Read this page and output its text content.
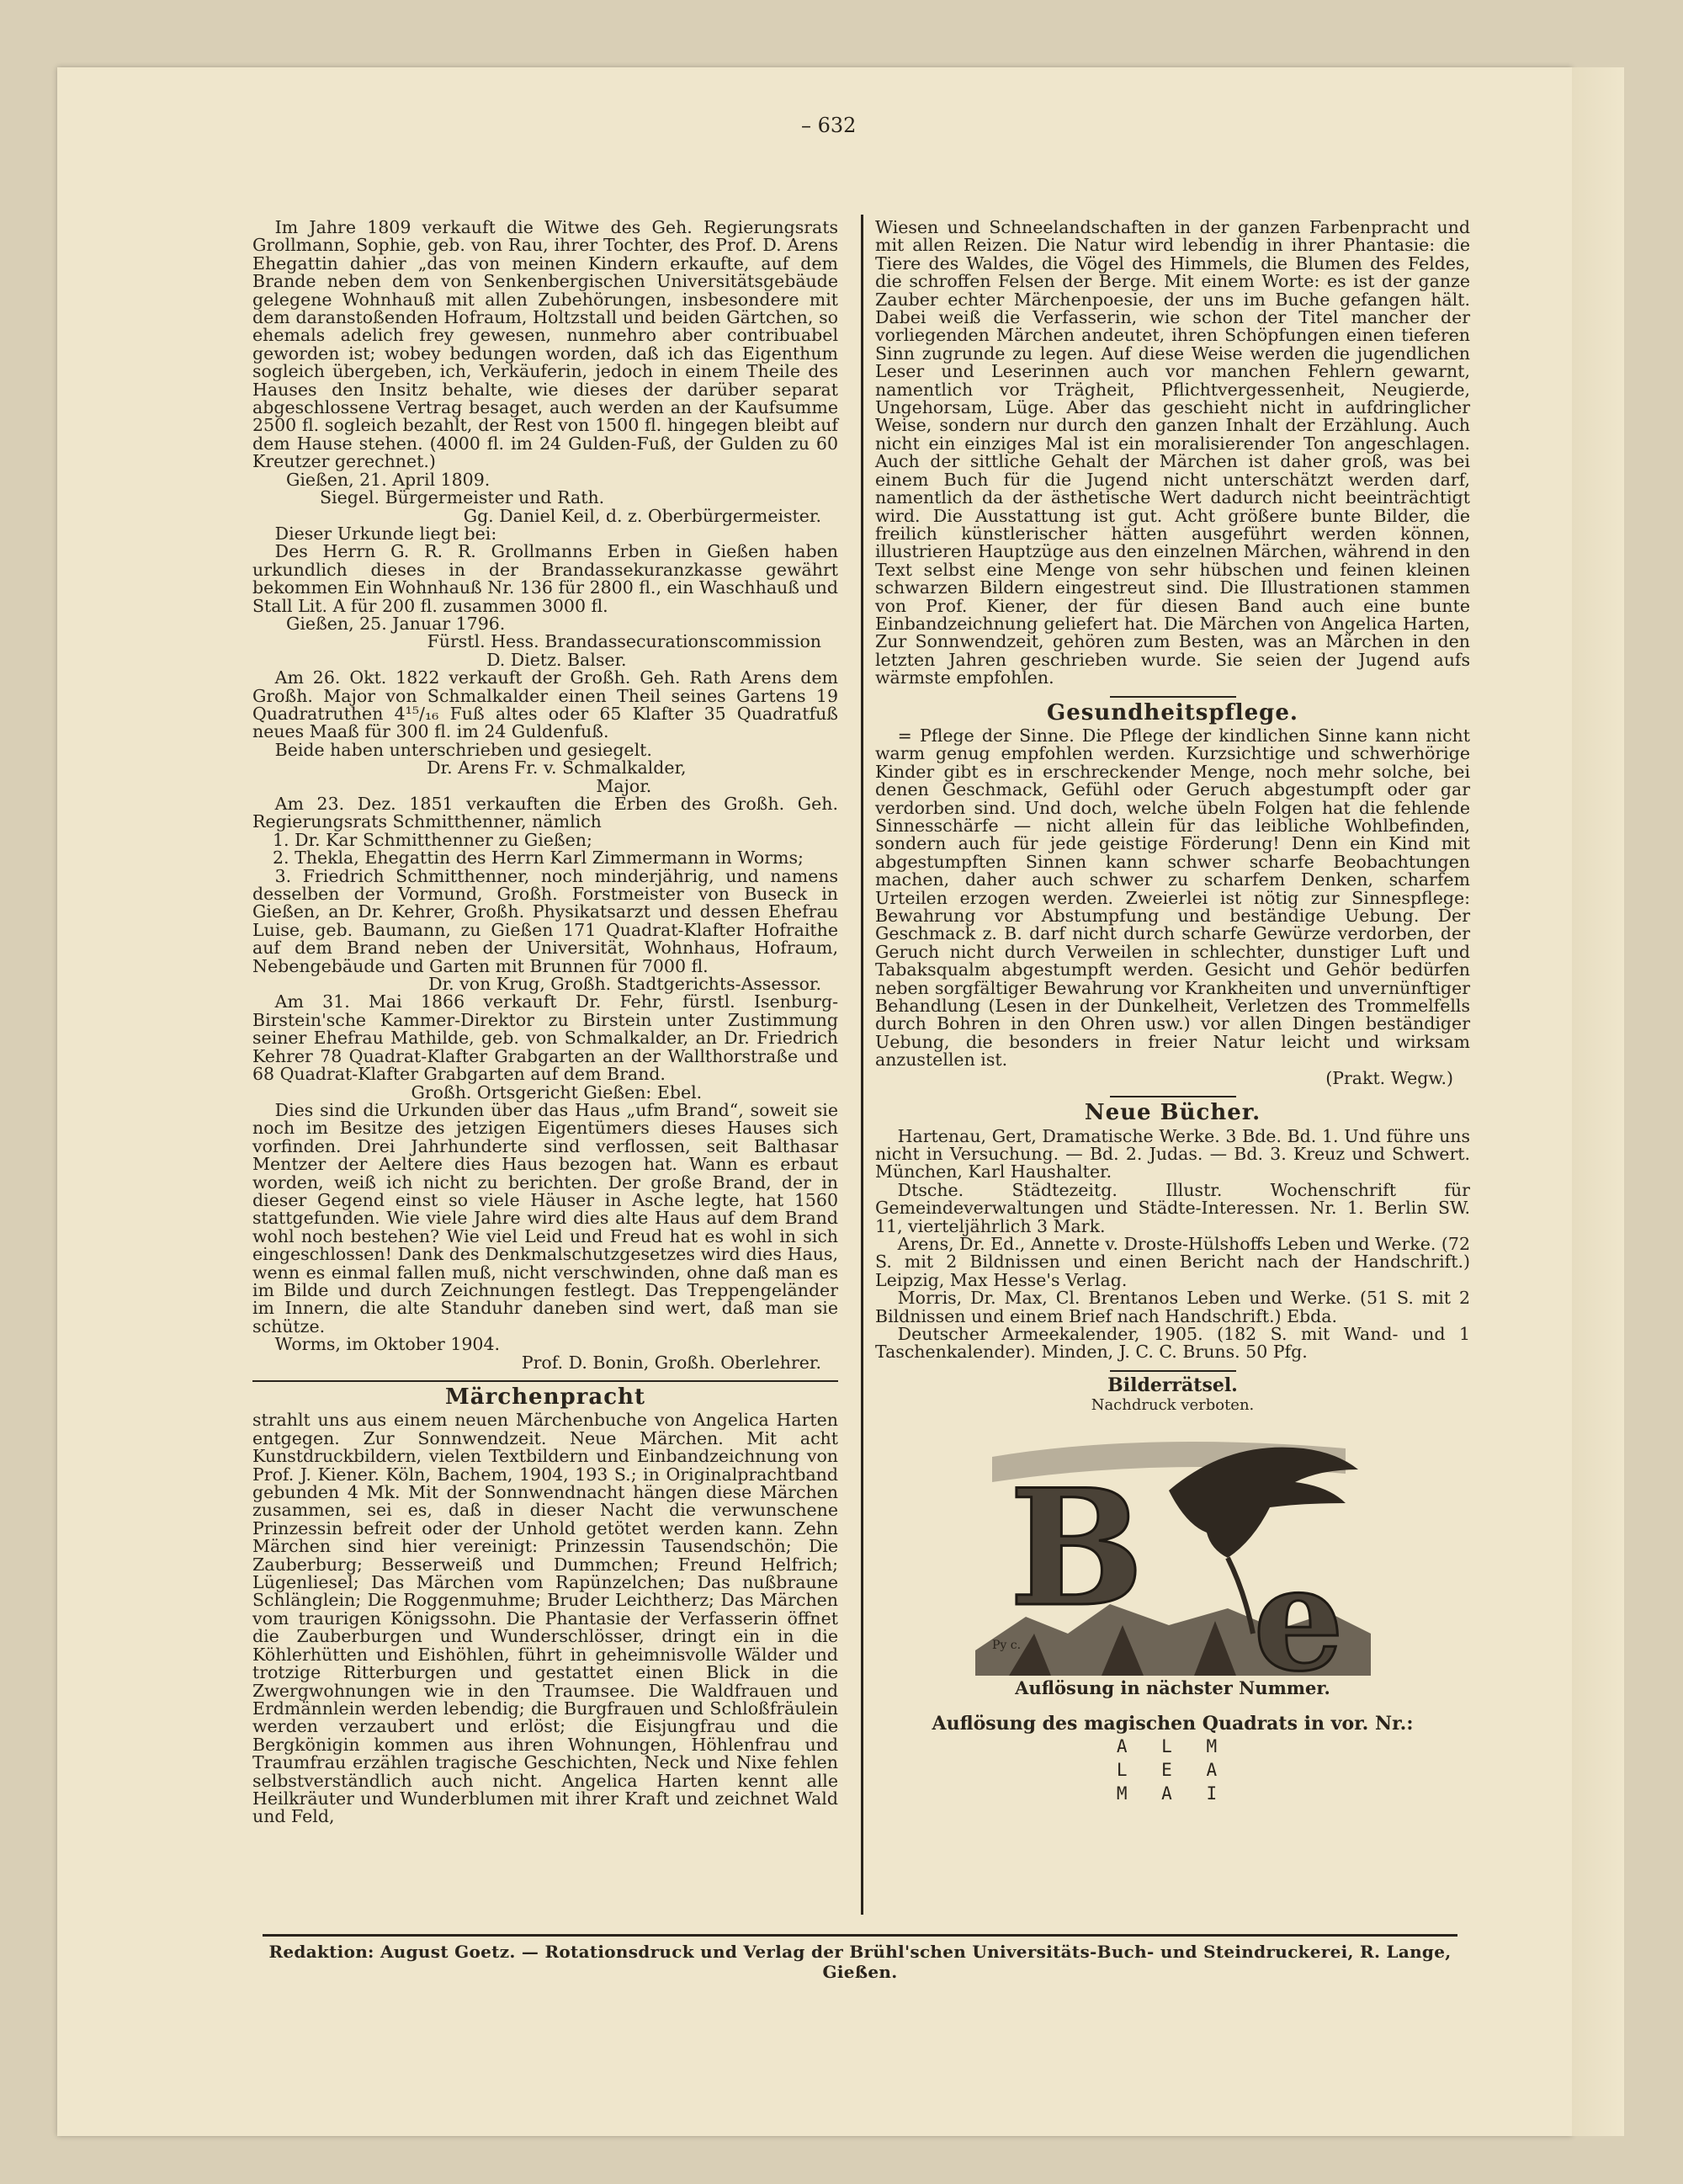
– 632

Im Jahre 1809 verkauft die Witwe des Geh. Regierungsrats Grollmann, Sophie, geb. von Rau, ihrer Tochter, des Prof. D. Arens Ehegattin dahier „das von meinen Kindern erkaufte, auf dem Brande neben dem von Senkenbergischen Universitätsgebäude gelegene Wohnhauß mit allen Zubehörungen, insbesondere mit dem daranstoßenden Hofraum, Holtzstall und beiden Gärtchen, so ehemals adelich frey gewesen, nunmehro aber contribuabel geworden ist; wobey bedungen worden, daß ich das Eigenthum sogleich übergeben, ich, Verkäuferin, jedoch in einem Theile des Hauses den Insitz behalte, wie dieses der darüber separat abgeschlossene Vertrag besaget, auch werden an der Kaufsumme 2500 fl. sogleich bezahlt, der Rest von 1500 fl. hingegen bleibt auf dem Hause stehen. (4000 fl. im 24 Gulden-Fuß, der Gulden zu 60 Kreutzer gerechnet.)

Gießen, 21. April 1809.

Siegel. Bürgermeister und Rath.

Gg. Daniel Keil, d. z. Oberbürgermeister.

Dieser Urkunde liegt bei:

Des Herrn G. R. R. Grollmanns Erben in Gießen haben urkundlich dieses in der Brandassekuranzkasse gewährt bekommen Ein Wohnhauß Nr. 136 für 2800 fl., ein Waschhauß und Stall Lit. A für 200 fl. zusammen 3000 fl.

Gießen, 25. Januar 1796.

Fürstl. Hess. Brandassecurationscommission

D. Dietz. Balser.

Am 26. Okt. 1822 verkauft der Großh. Geh. Rath Arens dem Großh. Major von Schmalkalder einen Theil seines Gartens 19 Quadratruthen 4¹⁵/₁₆ Fuß altes oder 65 Klafter 35 Quadratfuß neues Maaß für 300 fl. im 24 Guldenfuß.

Beide haben unterschrieben und gesiegelt.

Dr. Arens Fr. v. Schmalkalder,

Major.

Am 23. Dez. 1851 verkauften die Erben des Großh. Geh. Regierungsrats Schmitthenner, nämlich

1. Dr. Kar Schmitthenner zu Gießen;

2. Thekla, Ehegattin des Herrn Karl Zimmermann in Worms;

3. Friedrich Schmitthenner, noch minderjährig, und namens desselben der Vormund, Großh. Forstmeister von Buseck in Gießen, an Dr. Kehrer, Großh. Physikatsarzt und dessen Ehefrau Luise, geb. Baumann, zu Gießen 171 Quadrat-Klafter Hofraithe auf dem Brand neben der Universität, Wohnhaus, Hofraum, Nebengebäude und Garten mit Brunnen für 7000 fl.

Dr. von Krug, Großh. Stadtgerichts-Assessor.

Am 31. Mai 1866 verkauft Dr. Fehr, fürstl. Isenburg-Birstein'sche Kammer-Direktor zu Birstein unter Zustimmung seiner Ehefrau Mathilde, geb. von Schmalkalder, an Dr. Friedrich Kehrer 78 Quadrat-Klafter Grabgarten an der Wallthorstraße und 68 Quadrat-Klafter Grabgarten auf dem Brand.

Großh. Ortsgericht Gießen: Ebel.

Dies sind die Urkunden über das Haus „ufm Brand“, soweit sie noch im Besitze des jetzigen Eigentümers dieses Hauses sich vorfinden. Drei Jahrhunderte sind verflossen, seit Balthasar Mentzer der Aeltere dies Haus bezogen hat. Wann es erbaut worden, weiß ich nicht zu berichten. Der große Brand, der in dieser Gegend einst so viele Häuser in Asche legte, hat 1560 stattgefunden. Wie viele Jahre wird dies alte Haus auf dem Brand wohl noch bestehen? Wie viel Leid und Freud hat es wohl in sich eingeschlossen! Dank des Denkmalschutzgesetzes wird dies Haus, wenn es einmal fallen muß, nicht verschwinden, ohne daß man es im Bilde und durch Zeichnungen festlegt. Das Treppengeländer im Innern, die alte Standuhr daneben sind wert, daß man sie schütze.

Worms, im Oktober 1904.

Prof. D. Bonin, Großh. Oberlehrer.

Märchenpracht

strahlt uns aus einem neuen Märchenbuche von Angelica Harten entgegen. Zur Sonnwendzeit. Neue Märchen. Mit acht Kunstdruckbildern, vielen Textbildern und Einbandzeichnung von Prof. J. Kiener. Köln, Bachem, 1904, 193 S.; in Originalprachtband gebunden 4 Mk. Mit der Sonnwendnacht hängen diese Märchen zusammen, sei es, daß in dieser Nacht die verwunschene Prinzessin befreit oder der Unhold getötet werden kann. Zehn Märchen sind hier vereinigt: Prinzessin Tausendschön; Die Zauberburg; Besserweiß und Dummchen; Freund Helfrich; Lügenliesel; Das Märchen vom Rapünzelchen; Das nußbraune Schlänglein; Die Roggenmuhme; Bruder Leichtherz; Das Märchen vom traurigen Königssohn. Die Phantasie der Verfasserin öffnet die Zauberburgen und Wunderschlösser, dringt ein in die Köhlerhütten und Eishöhlen, führt in geheimnisvolle Wälder und trotzige Ritterburgen und gestattet einen Blick in die Zwergwohnungen wie in den Traumsee. Die Waldfrauen und Erdmännlein werden lebendig; die Burgfrauen und Schloßfräulein werden verzaubert und erlöst; die Eisjungfrau und die Bergkönigin kommen aus ihren Wohnungen, Höhlenfrau und Traumfrau erzählen tragische Geschichten, Neck und Nixe fehlen selbstverständlich auch nicht. Angelica Harten kennt alle Heilkräuter und Wunderblumen mit ihrer Kraft und zeichnet Wald und Feld,

Wiesen und Schneelandschaften in der ganzen Farbenpracht und mit allen Reizen. Die Natur wird lebendig in ihrer Phantasie: die Tiere des Waldes, die Vögel des Himmels, die Blumen des Feldes, die schroffen Felsen der Berge. Mit einem Worte: es ist der ganze Zauber echter Märchenpoesie, der uns im Buche gefangen hält. Dabei weiß die Verfasserin, wie schon der Titel mancher der vorliegenden Märchen andeutet, ihren Schöpfungen einen tieferen Sinn zugrunde zu legen. Auf diese Weise werden die jugendlichen Leser und Leserinnen auch vor manchen Fehlern gewarnt, namentlich vor Trägheit, Pflichtvergessenheit, Neugierde, Ungehorsam, Lüge. Aber das geschieht nicht in aufdringlicher Weise, sondern nur durch den ganzen Inhalt der Erzählung. Auch nicht ein einziges Mal ist ein moralisierender Ton angeschlagen. Auch der sittliche Gehalt der Märchen ist daher groß, was bei einem Buch für die Jugend nicht unterschätzt werden darf, namentlich da der ästhetische Wert dadurch nicht beeinträchtigt wird. Die Ausstattung ist gut. Acht größere bunte Bilder, die freilich künstlerischer hätten ausgeführt werden können, illustrieren Hauptzüge aus den einzelnen Märchen, während in den Text selbst eine Menge von sehr hübschen und feinen kleinen schwarzen Bildern eingestreut sind. Die Illustrationen stammen von Prof. Kiener, der für diesen Band auch eine bunte Einbandzeichnung geliefert hat. Die Märchen von Angelica Harten, Zur Sonnwendzeit, gehören zum Besten, was an Märchen in den letzten Jahren geschrieben wurde. Sie seien der Jugend aufs wärmste empfohlen.

Gesundheitspflege.

= Pflege der Sinne. Die Pflege der kindlichen Sinne kann nicht warm genug empfohlen werden. Kurzsichtige und schwerhörige Kinder gibt es in erschreckender Menge, noch mehr solche, bei denen Geschmack, Gefühl oder Geruch abgestumpft oder gar verdorben sind. Und doch, welche übeln Folgen hat die fehlende Sinnesschärfe — nicht allein für das leibliche Wohlbefinden, sondern auch für jede geistige Förderung! Denn ein Kind mit abgestumpften Sinnen kann schwer scharfe Beobachtungen machen, daher auch schwer zu scharfem Denken, scharfem Urteilen erzogen werden. Zweierlei ist nötig zur Sinnespflege: Bewahrung vor Abstumpfung und beständige Uebung. Der Geschmack z. B. darf nicht durch scharfe Gewürze verdorben, der Geruch nicht durch Verweilen in schlechter, dunstiger Luft und Tabaksqualm abgestumpft werden. Gesicht und Gehör bedürfen neben sorgfältiger Bewahrung vor Krankheiten und unvernünftiger Behandlung (Lesen in der Dunkelheit, Verletzen des Trommelfells durch Bohren in den Ohren usw.) vor allen Dingen beständiger Uebung, die besonders in freier Natur leicht und wirksam anzustellen ist.

(Prakt. Wegw.)

Neue Bücher.

Hartenau, Gert, Dramatische Werke. 3 Bde. Bd. 1. Und führe uns nicht in Versuchung. — Bd. 2. Judas. — Bd. 3. Kreuz und Schwert. München, Karl Haushalter.

Dtsche. Städtezeitg. Illustr. Wochenschrift für Gemeindeverwaltungen und Städte-Interessen. Nr. 1. Berlin SW. 11, vierteljährlich 3 Mark.

Arens, Dr. Ed., Annette v. Droste-Hülshoffs Leben und Werke. (72 S. mit 2 Bildnissen und einen Bericht nach der Handschrift.) Leipzig, Max Hesse's Verlag.

Morris, Dr. Max, Cl. Brentanos Leben und Werke. (51 S. mit 2 Bildnissen und einem Brief nach Handschrift.) Ebda.

Deutscher Armeekalender, 1905. (182 S. mit Wand- und 1 Taschenkalender). Minden, J. C. C. Bruns. 50 Pfg.

Bilderrätsel.
Nachdruck verboten.
B e
Py c.
Auflösung in nächster Nummer.
Auflösung des magischen Quadrats in vor. Nr.:
A L M
L E A
M A I
Redaktion: August Goetz. — Rotationsdruck und Verlag der Brühl'schen Universitäts-Buch- und Steindruckerei, R. Lange, Gießen.
